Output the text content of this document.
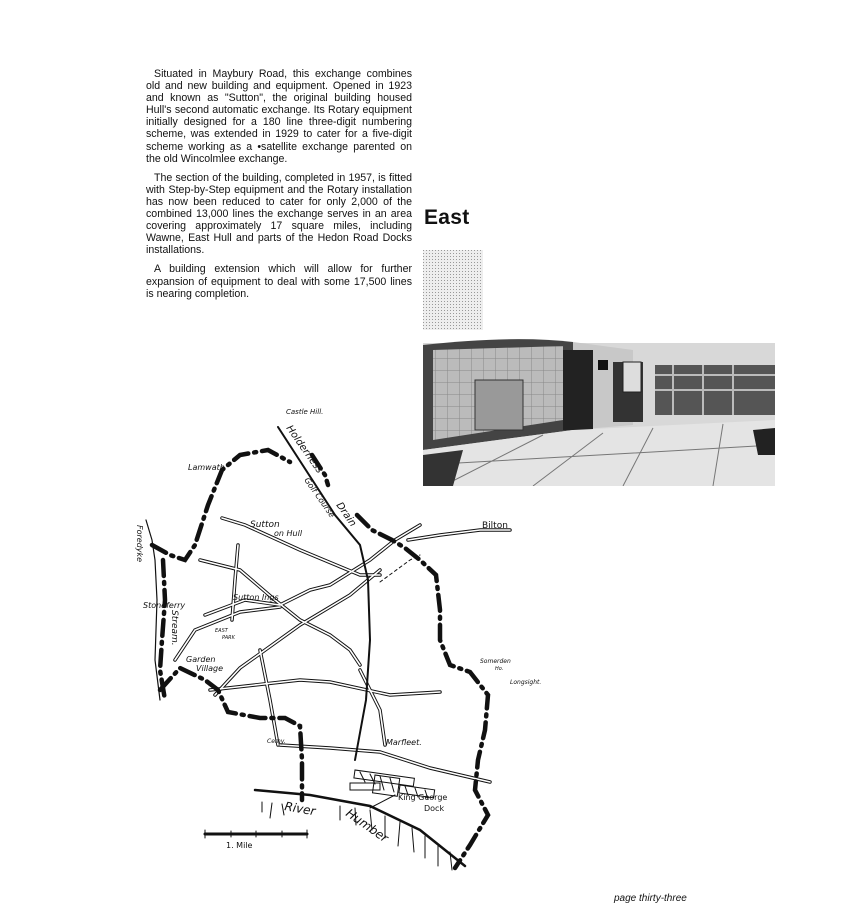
Situated in Maybury Road, this exchange combines old and new building and equipment. Opened in 1923 and known as "Sutton", the original building housed Hull's second automatic exchange. Its Rotary equipment initially designed for a 180 line three-digit numbering scheme, was extended in 1929 to cater for a five-digit scheme working as a •satellite exchange parented on the old Wincolmlee exchange.

The section of the building, completed in 1957, is fitted with Step-by-Step equipment and the Rotary installation has now been reduced to cater for only 2,000 of the combined 13,000 lines the exchange serves in an area covering approximately 17 square miles, including Wawne, East Hull and parts of the Hedon Road Docks installations.

A building extension which will allow for further expansion of equipment to deal with some 17,500 lines is nearing completion.

East
Castle Hill.
Holderness
Drain
Golf Course
Lamwath
Sutton
on Hull
Bilton
Foredyke
Stoneferry
Stream.
Sutton Ings
EAST
PARK
Garden
Village
Somerden
Ho.
Longsight.
Cemy.	Marfleet.
King George
Dock
River Humber
1. Mile
page thirty-three
